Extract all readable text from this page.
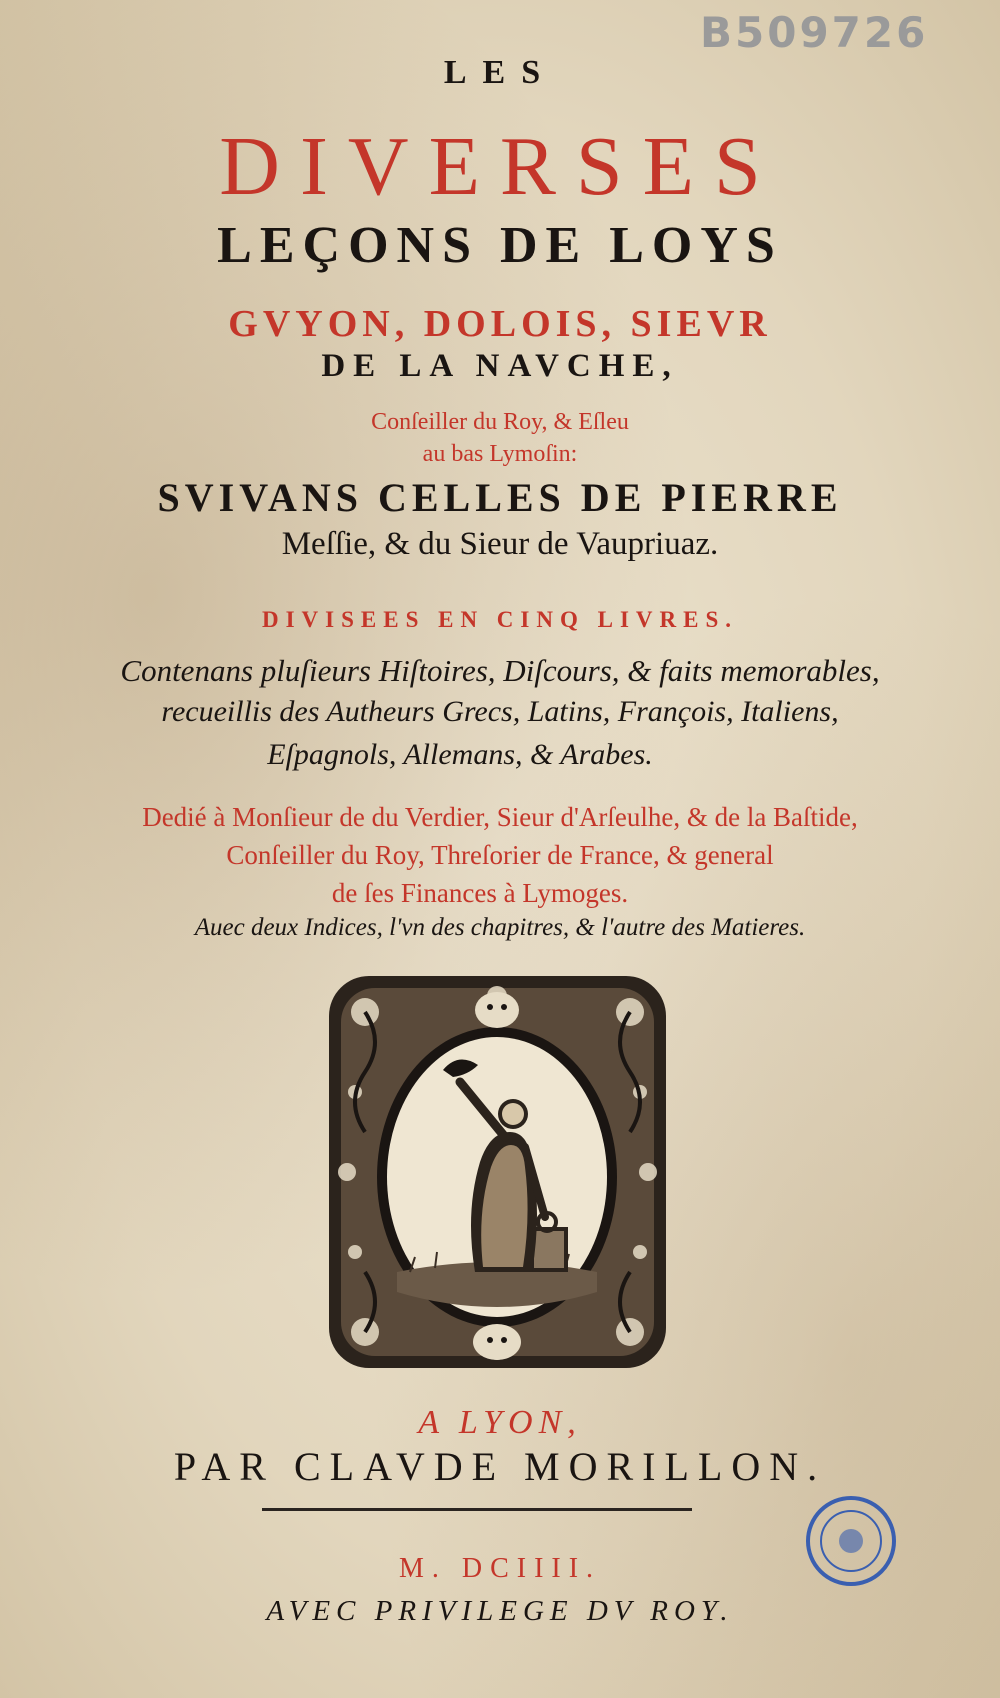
B509726
LES
DIVERSES
LEÇONS DE LOYS
GVYON, DOLOIS, SIEVR
DE LA NAVCHE,
Conſeiller du Roy, & Eſleu
au bas Lymoſin:
SVIVANS CELLES DE PIERRE
Meſſie, & du Sieur de Vaupriuaz.
DIVISEES EN CINQ LIVRES.
Contenans pluſieurs Hiſtoires, Diſcours, & faits memorables,
recueillis des Autheurs Grecs, Latins, François, Italiens,
Eſpagnols, Allemans, & Arabes.
Dedié à Monſieur de du Verdier, Sieur d'Arſeulhe, & de la Baſtide,
Conſeiller du Roy, Threſorier de France, & general
de ſes Finances à Lymoges.
Auec deux Indices, l'vn des chapitres, & l'autre des Matieres.
A LYON,
PAR CLAVDE MORILLON.
M. DCIIII.
AVEC PRIVILEGE DV ROY.
